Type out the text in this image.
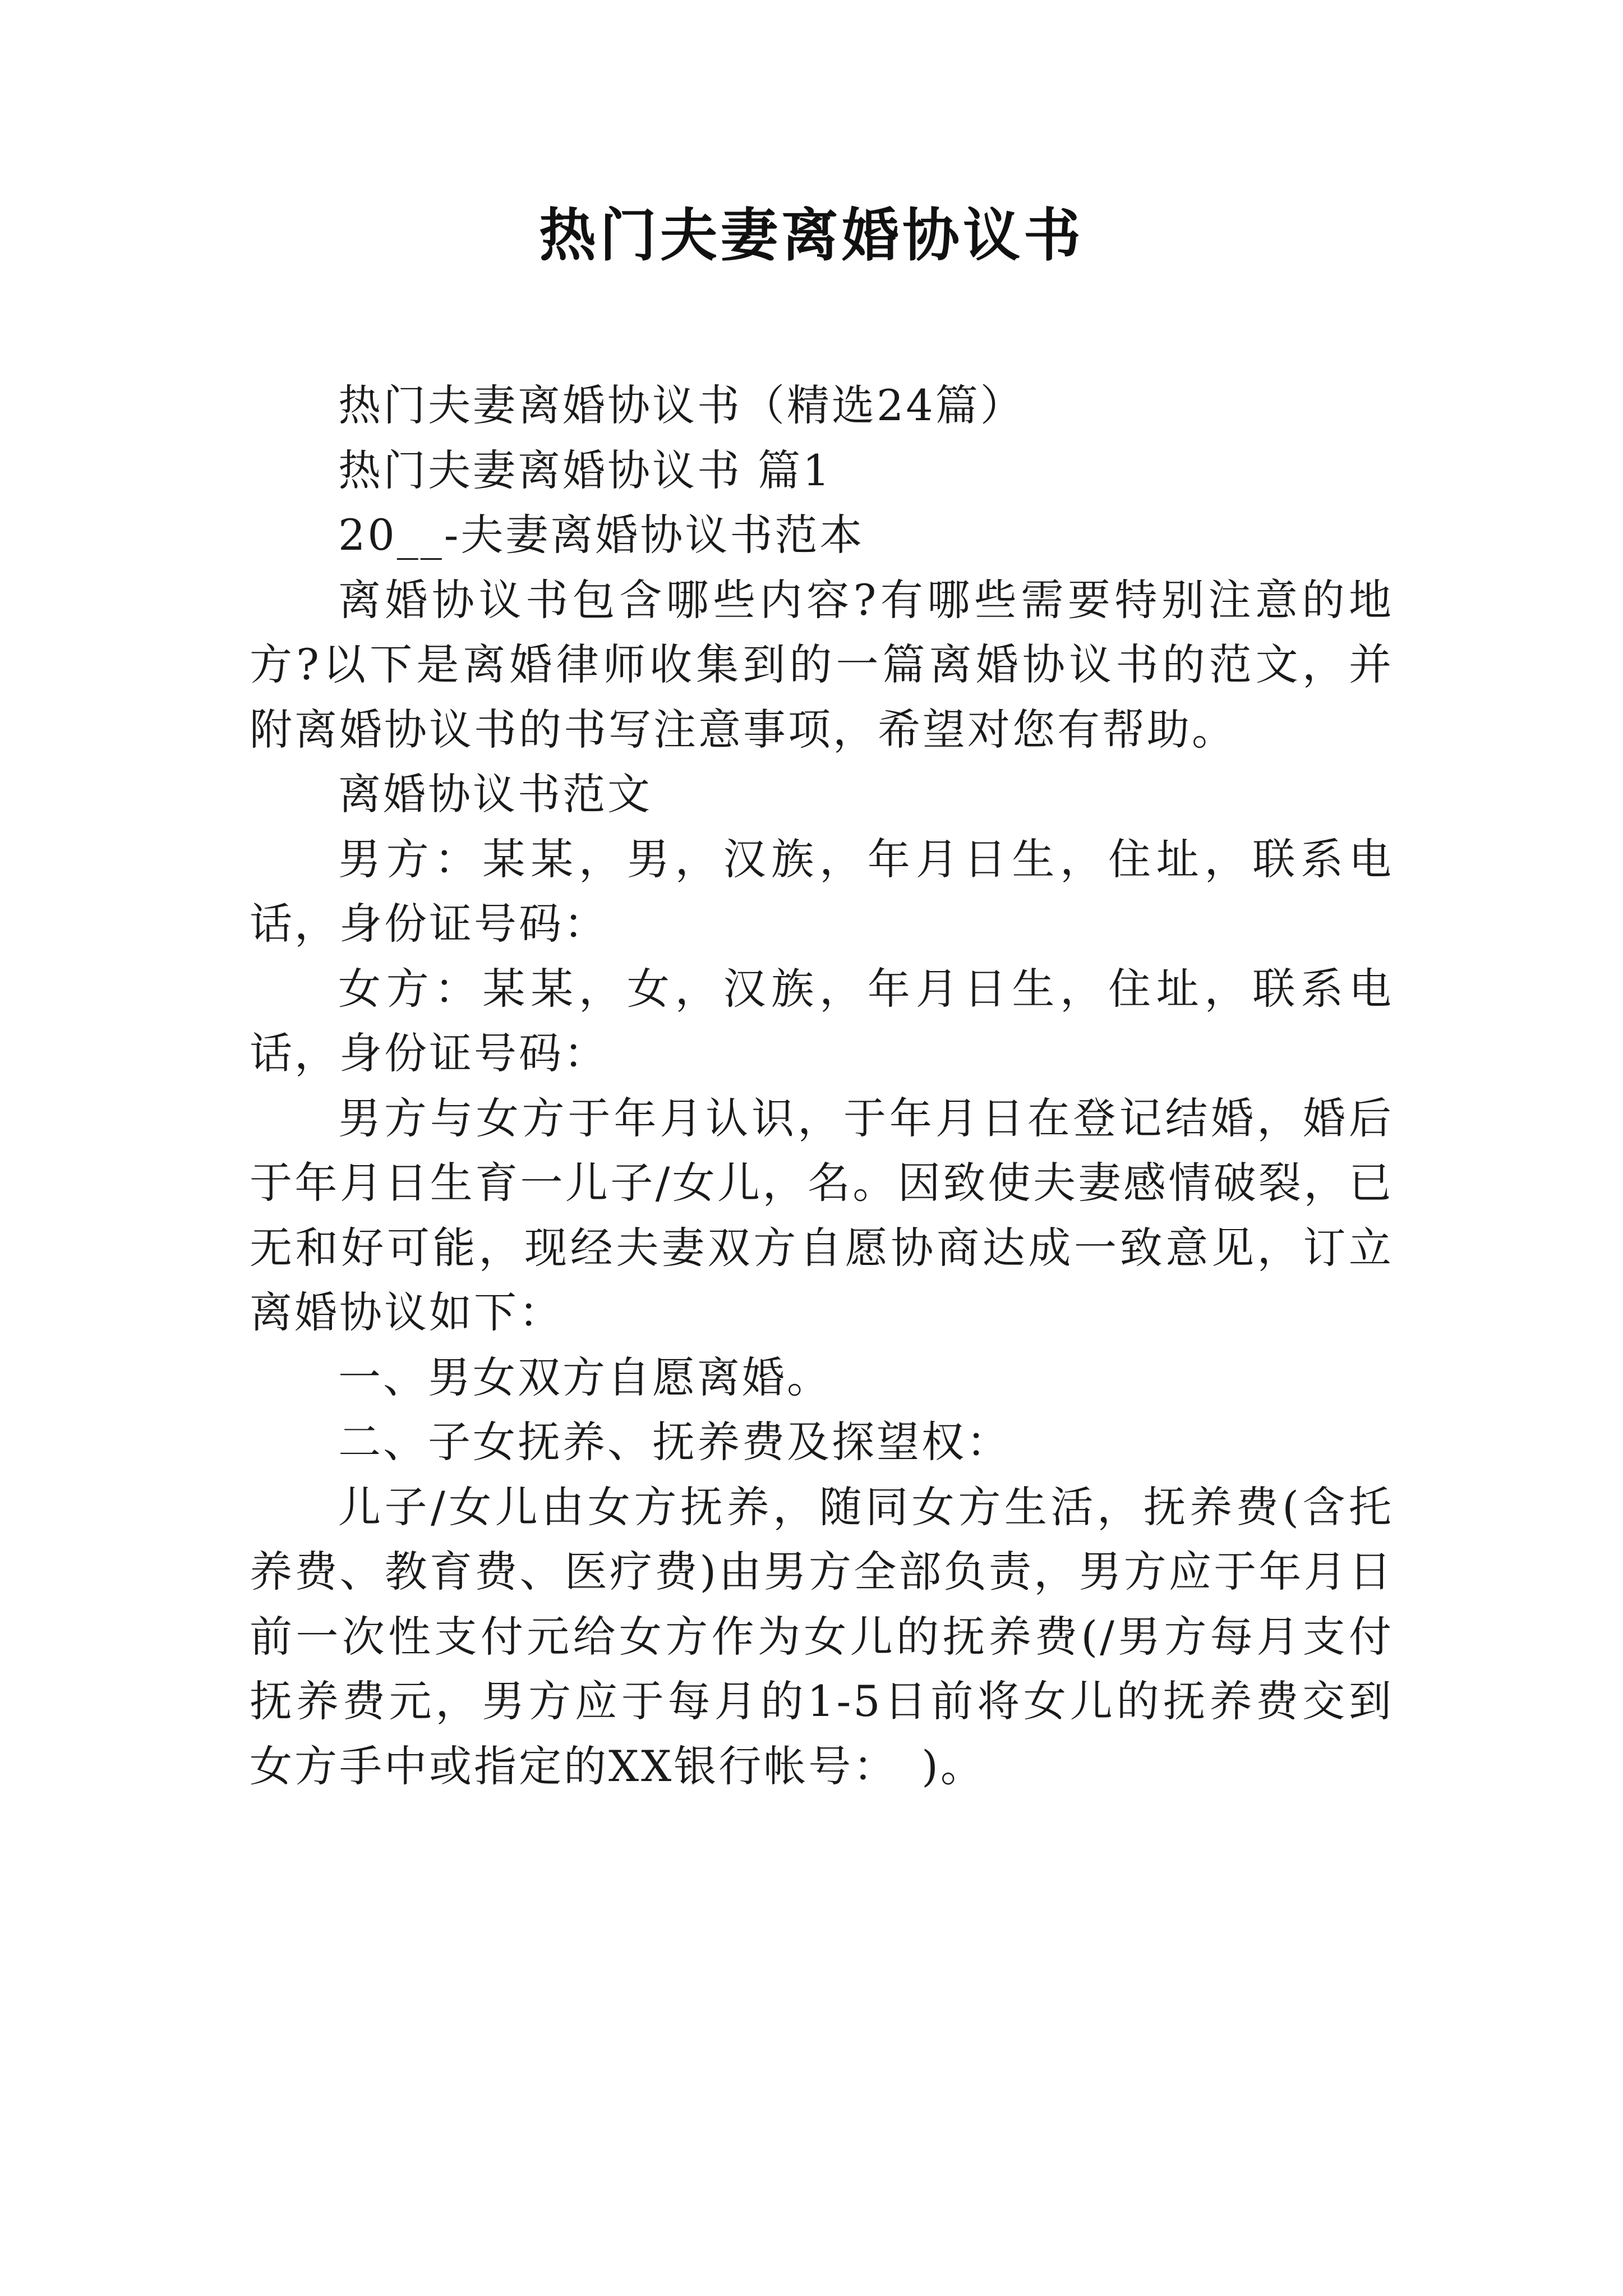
热门夫妻离婚协议书

热门夫妻离婚协议书（精选24篇）

热门夫妻离婚协议书 篇1

20__-夫妻离婚协议书范本

离婚协议书包含哪些内容?有哪些需要特别注意的地方?以下是离婚律师收集到的一篇离婚协议书的范文，并附离婚协议书的书写注意事项，希望对您有帮助。

离婚协议书范文

男方：某某，男，汉族，年月日生，住址，联系电话，身份证号码：

女方：某某，女，汉族，年月日生，住址，联系电话，身份证号码：

男方与女方于年月认识，于年月日在登记结婚，婚后于年月日生育一儿子/女儿，名。因致使夫妻感情破裂，已无和好可能，现经夫妻双方自愿协商达成一致意见，订立离婚协议如下：

一、男女双方自愿离婚。

二、子女抚养、抚养费及探望权：

儿子/女儿由女方抚养，随同女方生活，抚养费(含托养费、教育费、医疗费)由男方全部负责，男方应于年月日前一次性支付元给女方作为女儿的抚养费(/男方每月支付抚养费元，男方应于每月的1-5日前将女儿的抚养费交到女方手中或指定的XX银行帐号：　)。
